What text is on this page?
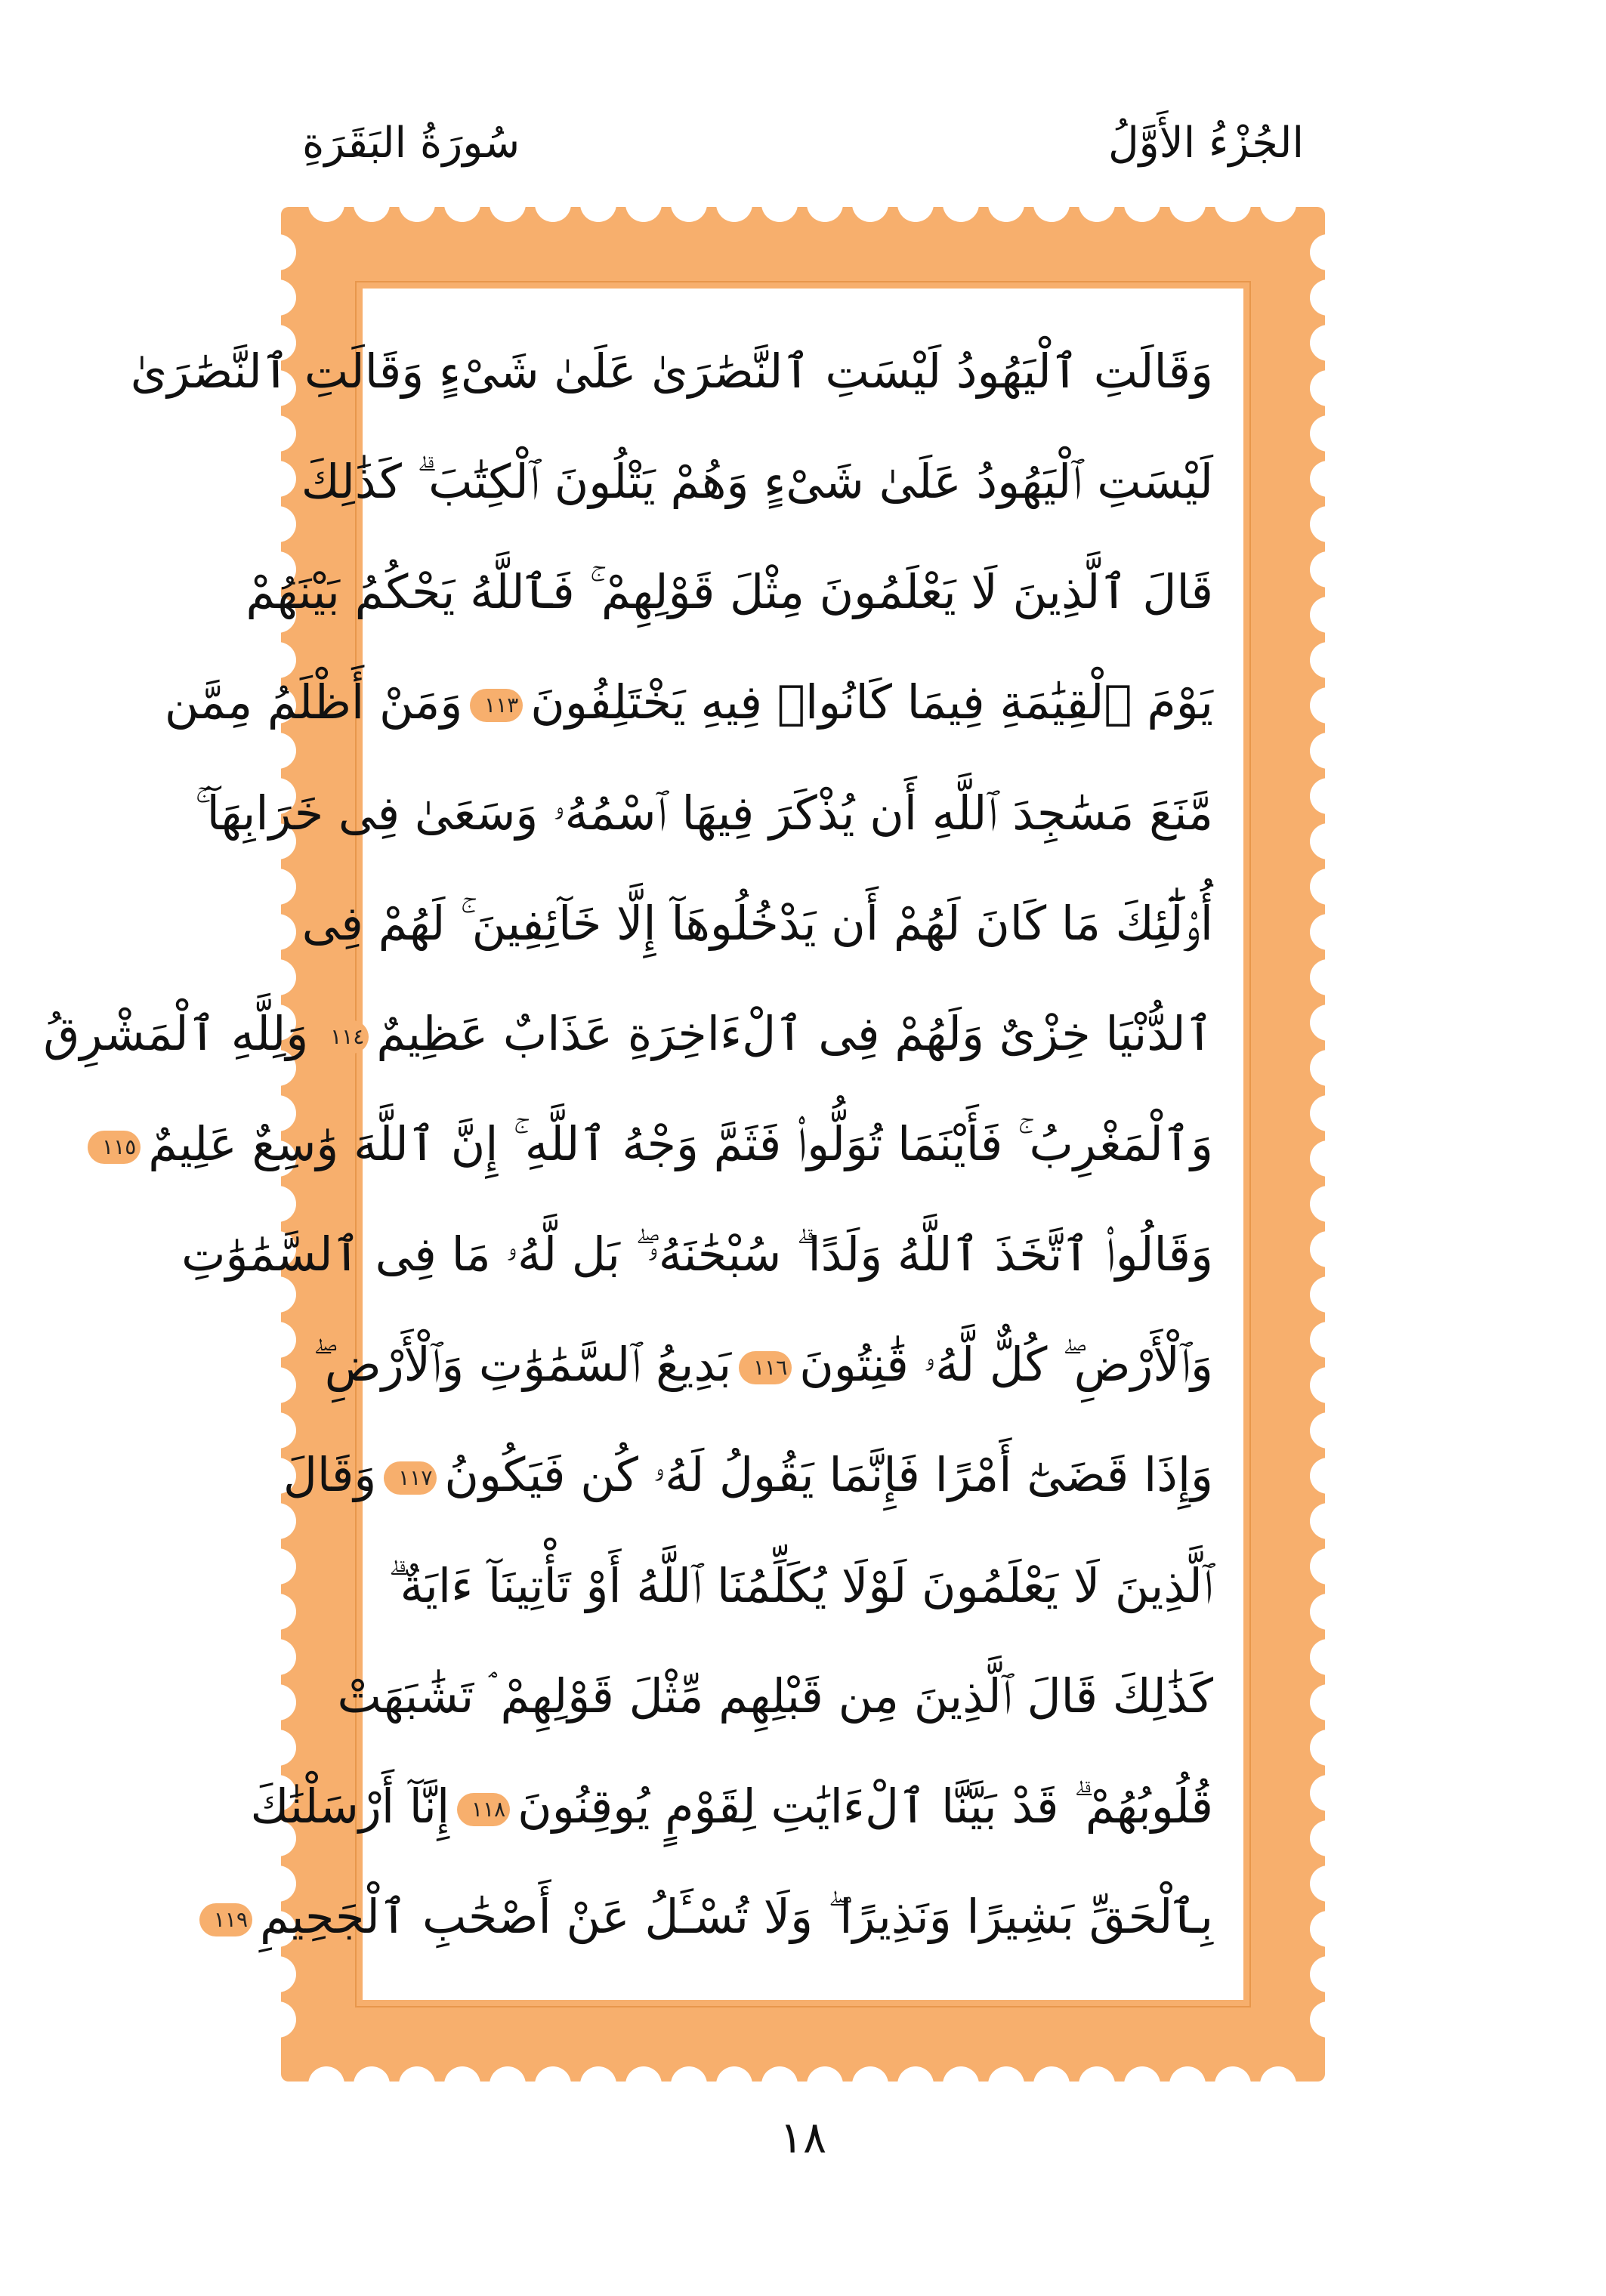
سُورَةُ البَقَرَةِ	الجُزْءُ الأَوَّلُ
وَقَالَتِ ٱلْيَهُودُ لَيْسَتِ ٱلنَّصَٰرَىٰ عَلَىٰ شَىْءٍ وَقَالَتِ ٱلنَّصَٰرَىٰ
لَيْسَتِ ٱلْيَهُودُ عَلَىٰ شَىْءٍ وَهُمْ يَتْلُونَ ٱلْكِتَٰبَ ۗ كَذَٰلِكَ
قَالَ ٱلَّذِينَ لَا يَعْلَمُونَ مِثْلَ قَوْلِهِمْ ۚ فَٱللَّهُ يَحْكُمُ بَيْنَهُمْ
يَوْمَ ٱلْقِيَٰمَةِ فِيمَا كَانُوا۟ فِيهِ يَخْتَلِفُونَ١١٣وَمَنْ أَظْلَمُ مِمَّن
مَّنَعَ مَسَٰجِدَ ٱللَّهِ أَن يُذْكَرَ فِيهَا ٱسْمُهُۥ وَسَعَىٰ فِى خَرَابِهَآ ۚ
أُو۟لَٰٓئِكَ مَا كَانَ لَهُمْ أَن يَدْخُلُوهَآ إِلَّا خَآئِفِينَ ۚ لَهُمْ فِى
ٱلدُّنْيَا خِزْىٌ وَلَهُمْ فِى ٱلْءَاخِرَةِ عَذَابٌ عَظِيمٌ١١٤وَلِلَّهِ ٱلْمَشْرِقُ
وَٱلْمَغْرِبُ ۚ فَأَيْنَمَا تُوَلُّوا۟ فَثَمَّ وَجْهُ ٱللَّهِ ۚ إِنَّ ٱللَّهَ وَٰسِعٌ عَلِيمٌ١١٥
وَقَالُوا۟ ٱتَّخَذَ ٱللَّهُ وَلَدًا ۗ سُبْحَٰنَهُۥ ۖ بَل لَّهُۥ مَا فِى ٱلسَّمَٰوَٰتِ
وَٱلْأَرْضِ ۖ كُلٌّ لَّهُۥ قَٰنِتُونَ١١٦بَدِيعُ ٱلسَّمَٰوَٰتِ وَٱلْأَرْضِ ۖ
وَإِذَا قَضَىٰٓ أَمْرًا فَإِنَّمَا يَقُولُ لَهُۥ كُن فَيَكُونُ١١٧وَقَالَ
ٱلَّذِينَ لَا يَعْلَمُونَ لَوْلَا يُكَلِّمُنَا ٱللَّهُ أَوْ تَأْتِينَآ ءَايَةٌ ۗ
كَذَٰلِكَ قَالَ ٱلَّذِينَ مِن قَبْلِهِم مِّثْلَ قَوْلِهِمْ ۘ تَشَٰبَهَتْ
قُلُوبُهُمْ ۗ قَدْ بَيَّنَّا ٱلْءَايَٰتِ لِقَوْمٍ يُوقِنُونَ١١٨إِنَّآ أَرْسَلْنَٰكَ
بِٱلْحَقِّ بَشِيرًا وَنَذِيرًا ۖ وَلَا تُسْـَٔلُ عَنْ أَصْحَٰبِ ٱلْجَحِيمِ١١٩
١٨
